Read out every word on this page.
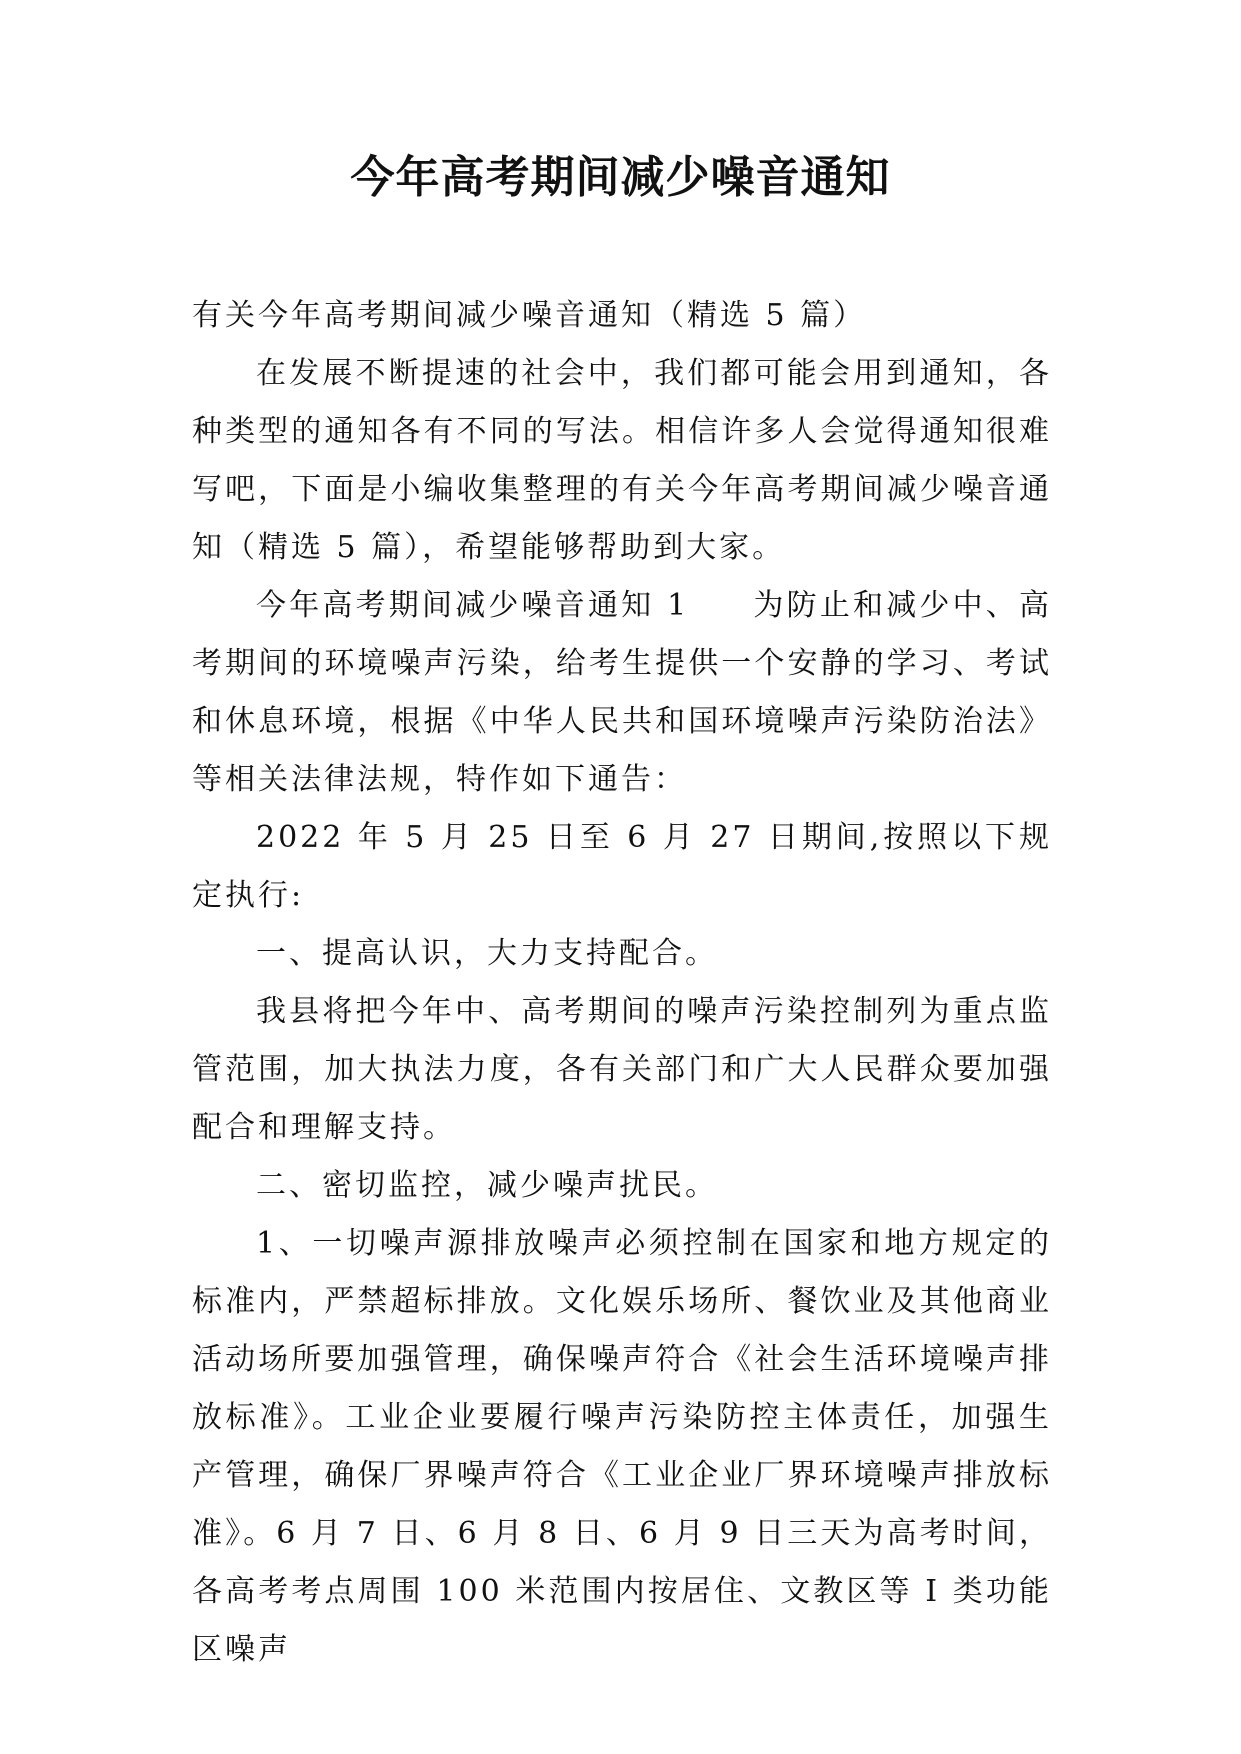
今年高考期间减少噪音通知

有关今年高考期间减少噪音通知（精选 5 篇）

在发展不断提速的社会中，我们都可能会用到通知，各种类型的通知各有不同的写法。相信许多人会觉得通知很难写吧，下面是小编收集整理的有关今年高考期间减少噪音通知（精选 5 篇），希望能够帮助到大家。

今年高考期间减少噪音通知 1 为防止和减少中、高考期间的环境噪声污染，给考生提供一个安静的学习、考试和休息环境，根据《中华人民共和国环境噪声污染防治法》等相关法律法规，特作如下通告：

2022 年 5 月 25 日至 6 月 27 日期间,按照以下规定执行:

一、提高认识，大力支持配合。

我县将把今年中、高考期间的噪声污染控制列为重点监管范围，加大执法力度，各有关部门和广大人民群众要加强配合和理解支持。

二、密切监控，减少噪声扰民。

1、一切噪声源排放噪声必须控制在国家和地方规定的标准内，严禁超标排放。文化娱乐场所、餐饮业及其他商业活动场所要加强管理，确保噪声符合《社会生活环境噪声排放标准》。工业企业要履行噪声污染防控主体责任，加强生产管理，确保厂界噪声符合《工业企业厂界环境噪声排放标准》。6 月 7 日、6 月 8 日、6 月 9 日三天为高考时间，各高考考点周围 100 米范围内按居住、文教区等 I 类功能区噪声
